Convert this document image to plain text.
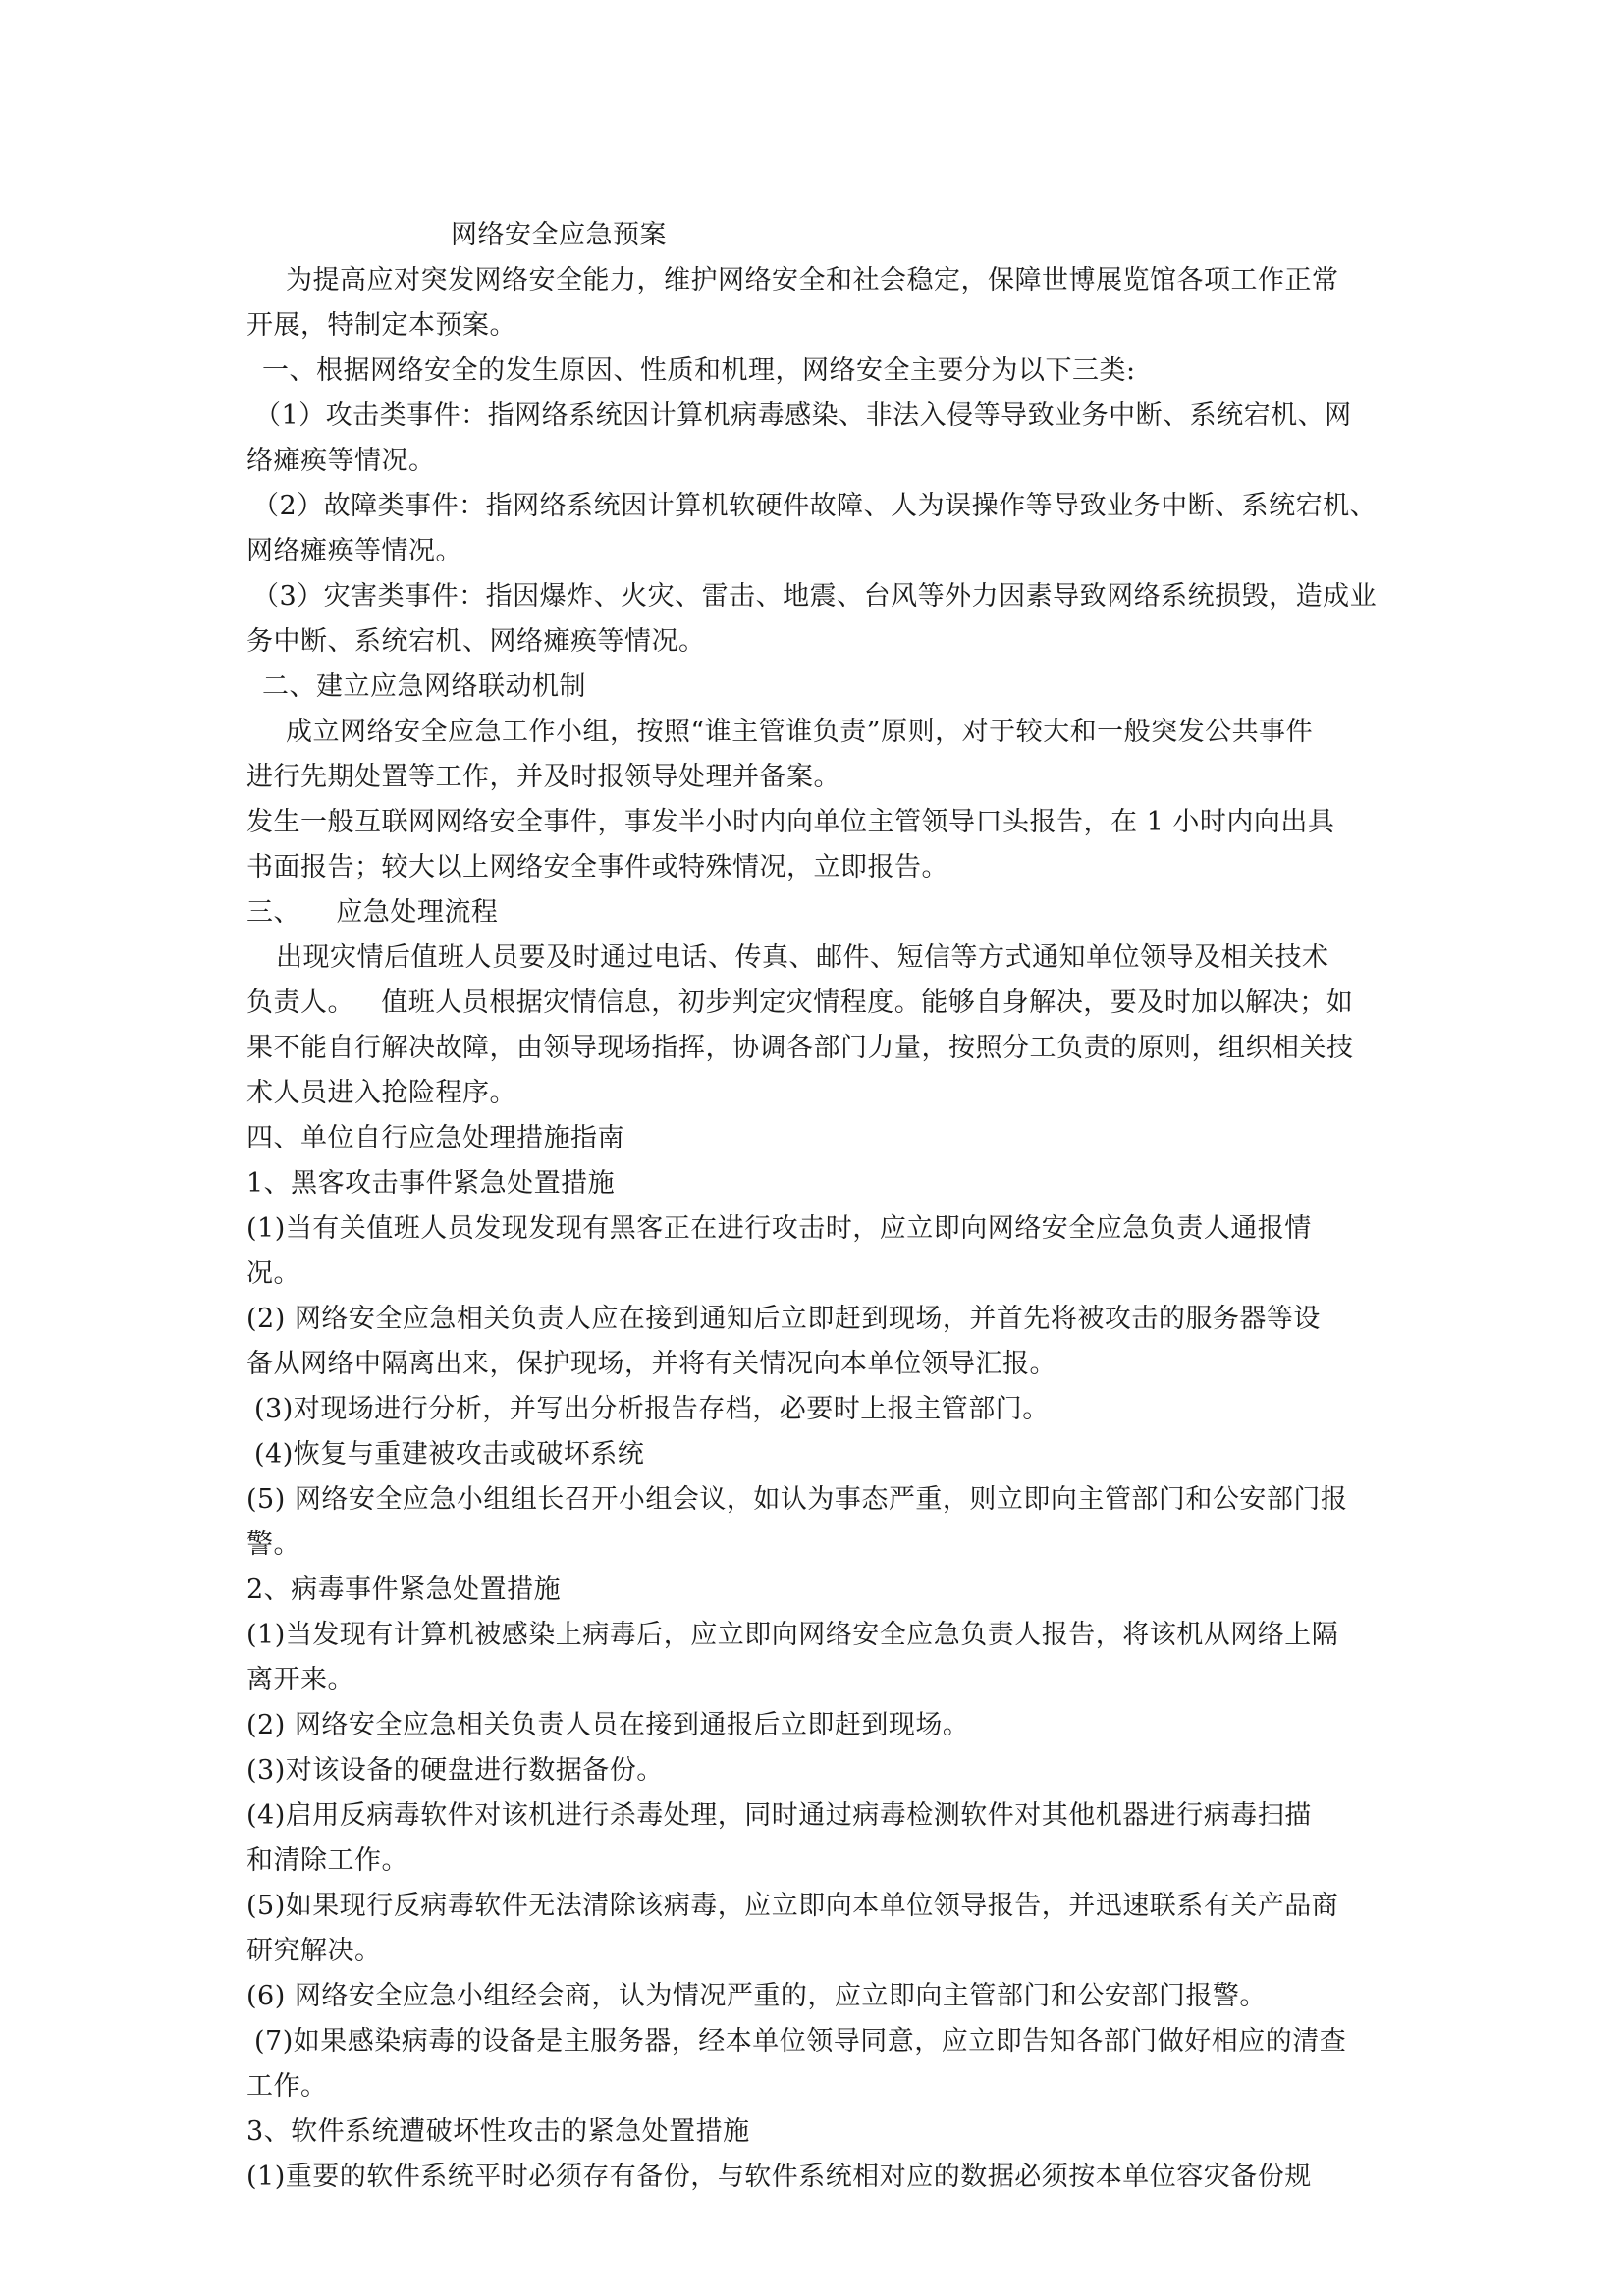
网络安全应急预案
为提高应对突发网络安全能力，维护网络安全和社会稳定，保障世博展览馆各项工作正常
开展，特制定本预案。
一、根据网络安全的发生原因、性质和机理，网络安全主要分为以下三类:
（1）攻击类事件：指网络系统因计算机病毒感染、非法入侵等导致业务中断、系统宕机、网
络瘫痪等情况。
（2）故障类事件：指网络系统因计算机软硬件故障、人为误操作等导致业务中断、系统宕机、
网络瘫痪等情况。
（3）灾害类事件：指因爆炸、火灾、雷击、地震、台风等外力因素导致网络系统损毁，造成业
务中断、系统宕机、网络瘫痪等情况。
二、建立应急网络联动机制
成立网络安全应急工作小组，按照“谁主管谁负责”原则，对于较大和一般突发公共事件
进行先期处置等工作，并及时报领导处理并备案。
发生一般互联网网络安全事件，事发半小时内向单位主管领导口头报告，在 1 小时内向出具
书面报告；较大以上网络安全事件或特殊情况，立即报告。
三、    应急处理流程
出现灾情后值班人员要及时通过电话、传真、邮件、短信等方式通知单位领导及相关技术
负责人。   值班人员根据灾情信息，初步判定灾情程度。能够自身解决，要及时加以解决；如
果不能自行解决故障，由领导现场指挥，协调各部门力量，按照分工负责的原则，组织相关技
术人员进入抢险程序。
四、单位自行应急处理措施指南
1、黑客攻击事件紧急处置措施
(1)当有关值班人员发现发现有黑客正在进行攻击时，应立即向网络安全应急负责人通报情
况。
(2) 网络安全应急相关负责人应在接到通知后立即赶到现场，并首先将被攻击的服务器等设
备从网络中隔离出来，保护现场，并将有关情况向本单位领导汇报。
(3)对现场进行分析，并写出分析报告存档，必要时上报主管部门。
(4)恢复与重建被攻击或破坏系统
(5) 网络安全应急小组组长召开小组会议，如认为事态严重，则立即向主管部门和公安部门报
警。
2、病毒事件紧急处置措施
(1)当发现有计算机被感染上病毒后，应立即向网络安全应急负责人报告，将该机从网络上隔
离开来。
(2) 网络安全应急相关负责人员在接到通报后立即赶到现场。
(3)对该设备的硬盘进行数据备份。
(4)启用反病毒软件对该机进行杀毒处理，同时通过病毒检测软件对其他机器进行病毒扫描
和清除工作。
(5)如果现行反病毒软件无法清除该病毒，应立即向本单位领导报告，并迅速联系有关产品商
研究解决。
(6) 网络安全应急小组经会商，认为情况严重的，应立即向主管部门和公安部门报警。
(7)如果感染病毒的设备是主服务器，经本单位领导同意，应立即告知各部门做好相应的清查
工作。
3、软件系统遭破坏性攻击的紧急处置措施
(1)重要的软件系统平时必须存有备份，与软件系统相对应的数据必须按本单位容灾备份规
